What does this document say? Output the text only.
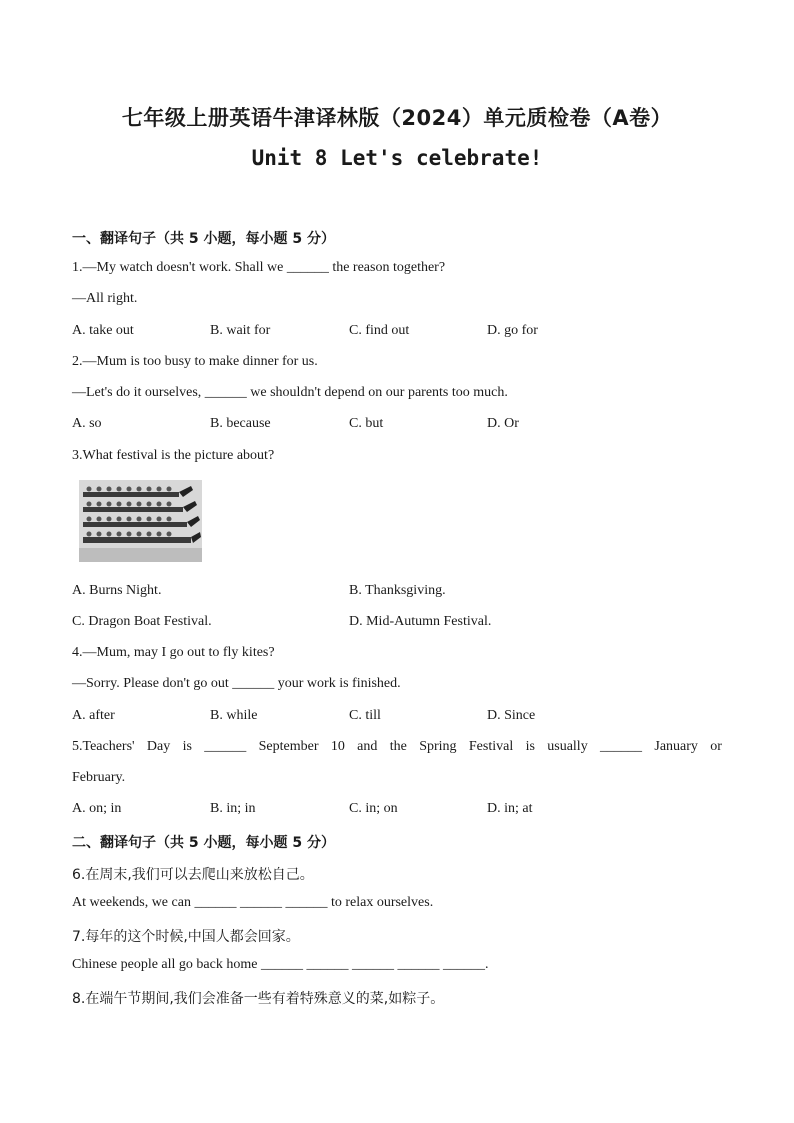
七年级上册英语牛津译林版（2024）单元质检卷（A卷）
Unit 8 Let's celebrate!
一、翻译句子（共 5 小题，每小题 5 分）
1.—My watch doesn't work. Shall we ______ the reason together?
—All right.
A. take out	B. wait for	C. find out	D. go for
2.—Mum is too busy to make dinner for us.
—Let's do it ourselves, ______ we shouldn't depend on our parents too much.
A. so	B. because	C. but	D. Or
3.What festival is the picture about?
A. Burns Night.	B. Thanksgiving.
C. Dragon Boat Festival.	D. Mid-Autumn Festival.
4.—Mum, may I go out to fly kites?
—Sorry. Please don't go out ______ your work is finished.
A. after	B. while	C. till	D. Since
5.Teachers' Day is ______ September 10 and the Spring Festival is usually ______ January or
February.
A. on; in	B. in; in	C. in; on	D. in; at
二、翻译句子（共 5 小题，每小题 5 分）
6.在周末,我们可以去爬山来放松自己。
At weekends, we can ______ ______ ______ to relax ourselves.
7.每年的这个时候,中国人都会回家。
Chinese people all go back home ______ ______ ______ ______ ______.
8.在端午节期间,我们会准备一些有着特殊意义的菜,如粽子。
